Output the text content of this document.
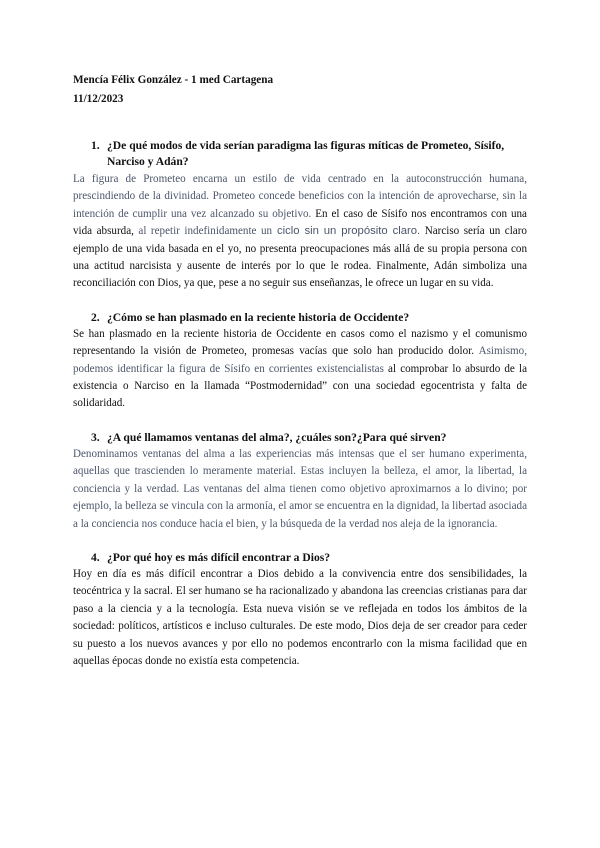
Mencía Félix González - 1 med Cartagena
11/12/2023

1. ¿De qué modos de vida serían paradigma las figuras míticas de Prometeo, Sísifo, Narciso y Adán?

La figura de Prometeo encarna un estilo de vida centrado en la autoconstrucción humana, prescindiendo de la divinidad. Prometeo concede beneficios con la intención de aprovecharse, sin la intención de cumplir una vez alcanzado su objetivo. En el caso de Sísifo nos encontramos con una vida absurda, al repetir indefinidamente un ciclo sin un propósito claro. Narciso sería un claro ejemplo de una vida basada en el yo, no presenta preocupaciones más allá de su propia persona con una actitud narcisista y ausente de interés por lo que le rodea. Finalmente, Adán simboliza una reconciliación con Dios, ya que, pese a no seguir sus enseñanzas, le ofrece un lugar en su vida.

2. ¿Cómo se han plasmado en la reciente historia de Occidente?

Se han plasmado en la reciente historia de Occidente en casos como el nazismo y el comunismo representando la visión de Prometeo, promesas vacías que solo han producido dolor. Asimismo, podemos identificar la figura de Sísifo en corrientes existencialistas al comprobar lo absurdo de la existencia o Narciso en la llamada “Postmodernidad” con una sociedad egocentrista y falta de solidaridad.

3. ¿A qué llamamos ventanas del alma?, ¿cuáles son?¿Para qué sirven?

Denominamos ventanas del alma a las experiencias más intensas que el ser humano experimenta, aquellas que trascienden lo meramente material. Estas incluyen la belleza, el amor, la libertad, la conciencia y la verdad. Las ventanas del alma tienen como objetivo aproximarnos a lo divino; por ejemplo, la belleza se vincula con la armonía, el amor se encuentra en la dignidad, la libertad asociada a la conciencia nos conduce hacia el bien, y la búsqueda de la verdad nos aleja de la ignorancia.

4. ¿Por qué hoy es más difícil encontrar a Dios?

Hoy en día es más difícil encontrar a Dios debido a la convivencia entre dos sensibilidades, la teocéntrica y la sacral. El ser humano se ha racionalizado y abandona las creencias cristianas para dar paso a la ciencia y a la tecnología. Esta nueva visión se ve reflejada en todos los ámbitos de la sociedad: políticos, artísticos e incluso culturales. De este modo, Dios deja de ser creador para ceder su puesto a los nuevos avances y por ello no podemos encontrarlo con la misma facilidad que en aquellas épocas donde no existía esta competencia.
